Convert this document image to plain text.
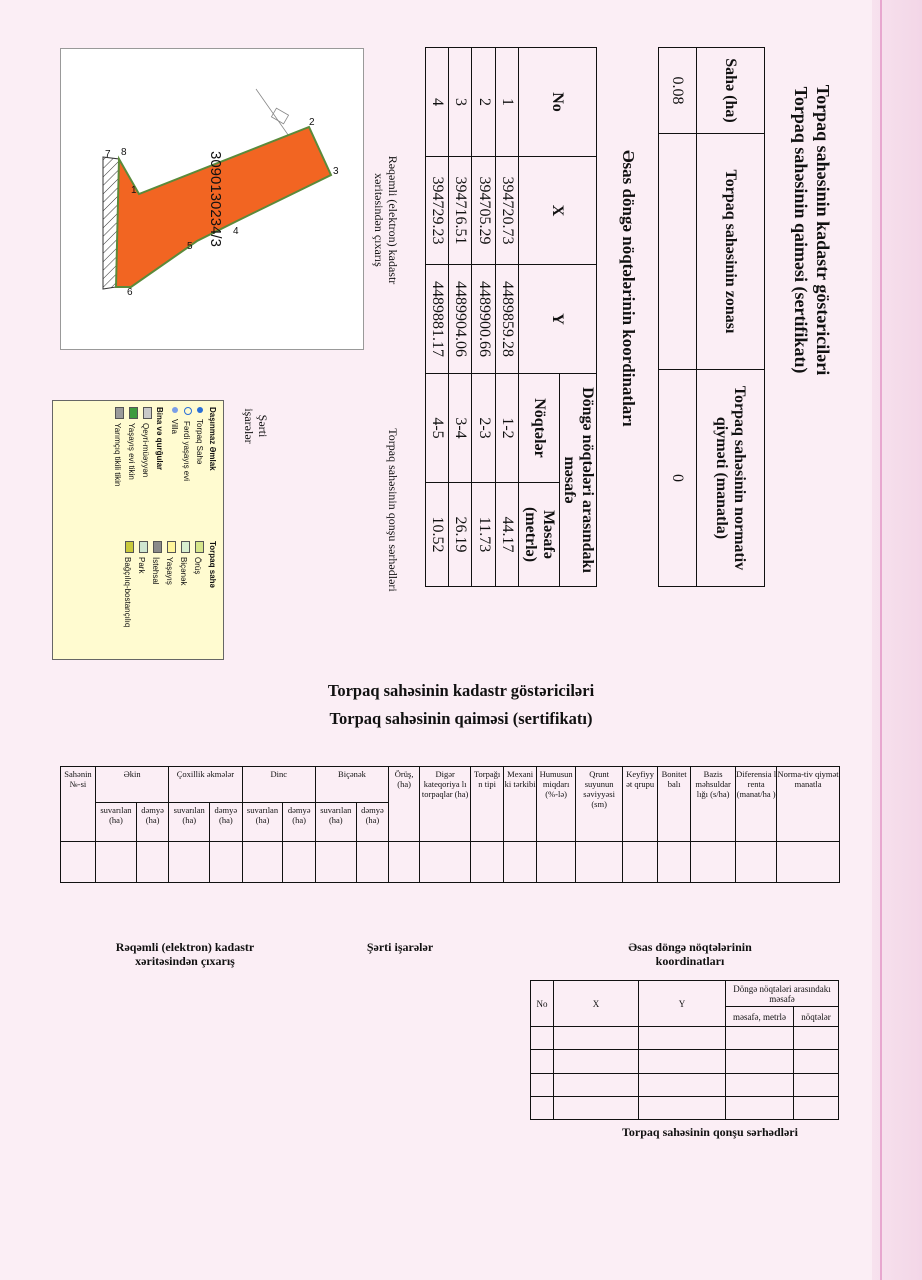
Torpaq sahəsinin kadastr göstəriciləri
Torpaq sahəsinin qaiməsi (sertifikatı)
Sahə (ha)	Torpaq sahəsinin zonası	Torpaq sahəsinin normativ qiymәti (manatla)
0.08		0
Əsas döngə nöqtələrinin koordinatları
No	X	Y	Döngə nöqtələri arasındakı məsafə	
			Nöqtələr	Məsafə (metrlə)
1	394720.73	4489859.28	1-2	44.17
2	394705.29	4489900.66	2-3	11.73
3	394716.51	4489904.06	3-4	26.19
4	394729.23	4489881.17	4-5	10.52
Rəqəmli (elektron) kadastr xəritəsindən çıxarış
Torpaq sahəsinin qonşu sərhədləri
Şərti işarələr
3090130234/3
2
3
4
5
6
7 8
1
Daşınmaz Əmlak
Torpaq Sahə
Fərdi yaşayış evi
Villa
Bina və qurğular
Qeyri-müəyyən
Yaşayış evi tikin
Yarımçıq tikili tikin
Torpaq sahə
Örüş
Biçənək
Yaşayış
İstehsal
Park
Bağçılıq-bostançılıq
Torpaq sahəsinin kadastr göstəriciləri
Torpaq sahəsinin qaiməsi (sertifikatı)
Sahənin №-si	Əkin		Çoxillik əkmələr		Dinc		Biçənək		Örüş, (ha)	Digər kateqoriya lı torpaqlar (ha)	Torpağı n tipi	Mexani ki tərkibi	Humusun miqdarı (%-lə)	Qrunt suyunun səviyyəsi (sm)	Keyfiyy ət qrupu	Bonitet balı	Bazis məhsuldar lığı (s/ha)	Diferensia l renta (manat/ha )	Norma-tiv qiymət manatla
	suvarılan (ha)	dəmyə (ha)	suvarılan (ha)	dəmyə (ha)	suvarılan (ha)	dəmyə (ha)	suvarılan (ha)	dəmyə (ha)											

Rəqəmli (elektron) kadastr xəritəsindən çıxarış
Şərti işarələr	Əsas döngə nöqtələrinin koordinatları
No	X	Y	Döngə nöqtələri arasındakı məsafə	
			məsafə, metrlə	nöqtələr

Torpaq sahəsinin qonşu sərhədləri
